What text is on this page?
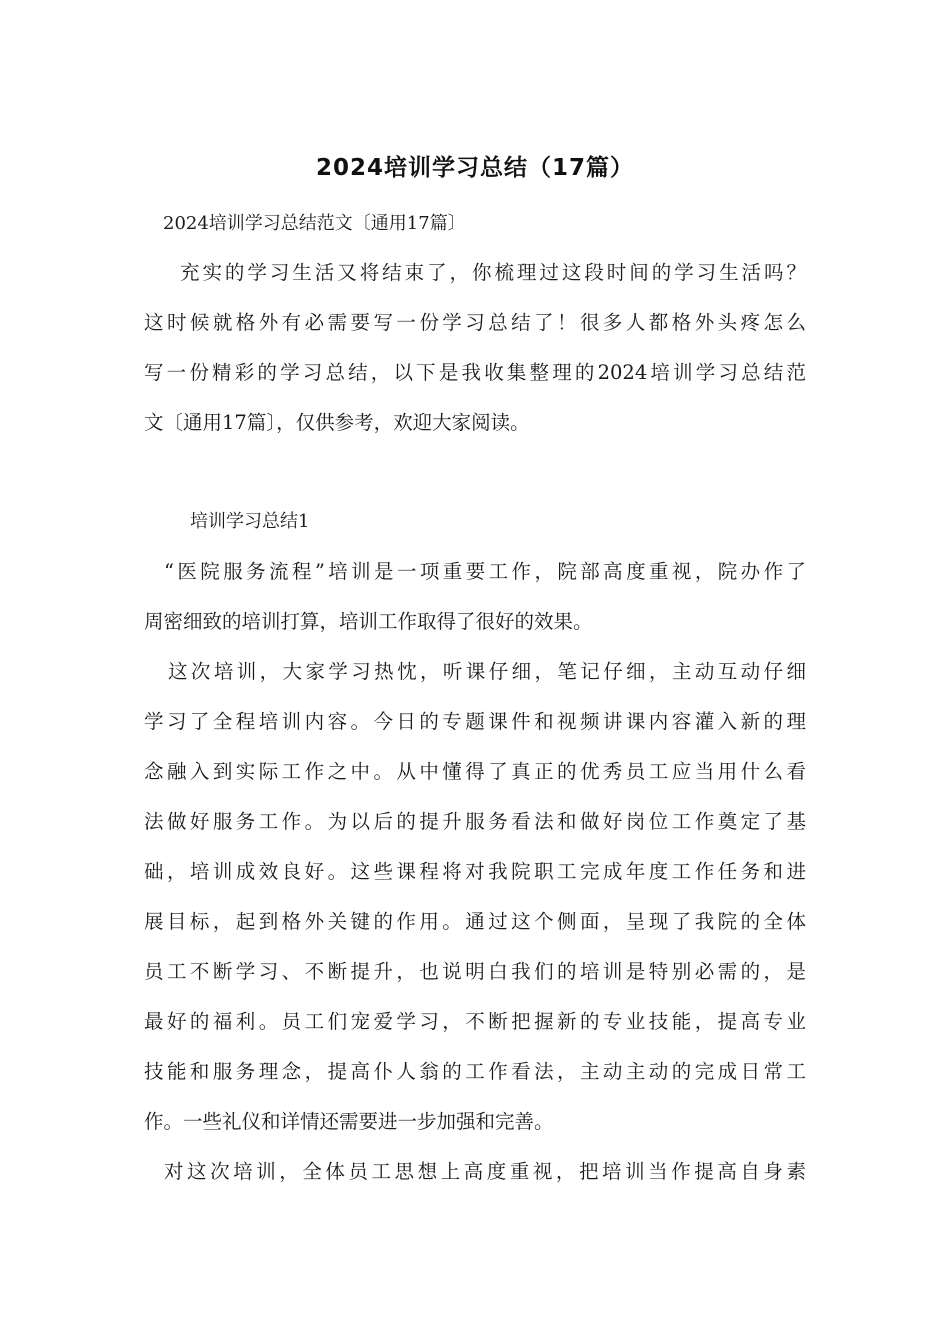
2024培训学习总结（17篇）
2024培训学习总结范文〔通用17篇〕
充实的学习生活又将结束了，你梳理过这段时间的学习生活吗？
这时候就格外有必需要写一份学习总结了！很多人都格外头疼怎么
写一份精彩的学习总结，以下是我收集整理的2024培训学习总结范
文〔通用17篇〕，仅供参考，欢迎大家阅读。
培训学习总结1
“医院服务流程”培训是一项重要工作，院部高度重视，院办作了
周密细致的培训打算，培训工作取得了很好的效果。
这次培训，大家学习热忱，听课仔细，笔记仔细，主动互动仔细
学习了全程培训内容。今日的专题课件和视频讲课内容灌入新的理
念融入到实际工作之中。从中懂得了真正的优秀员工应当用什么看
法做好服务工作。为以后的提升服务看法和做好岗位工作奠定了基
础，培训成效良好。这些课程将对我院职工完成年度工作任务和进
展目标，起到格外关键的作用。通过这个侧面，呈现了我院的全体
员工不断学习、不断提升，也说明白我们的培训是特别必需的，是
最好的福利。员工们宠爱学习，不断把握新的专业技能，提高专业
技能和服务理念，提高仆人翁的工作看法，主动主动的完成日常工
作。一些礼仪和详情还需要进一步加强和完善。
对这次培训，全体员工思想上高度重视，把培训当作提高自身素
